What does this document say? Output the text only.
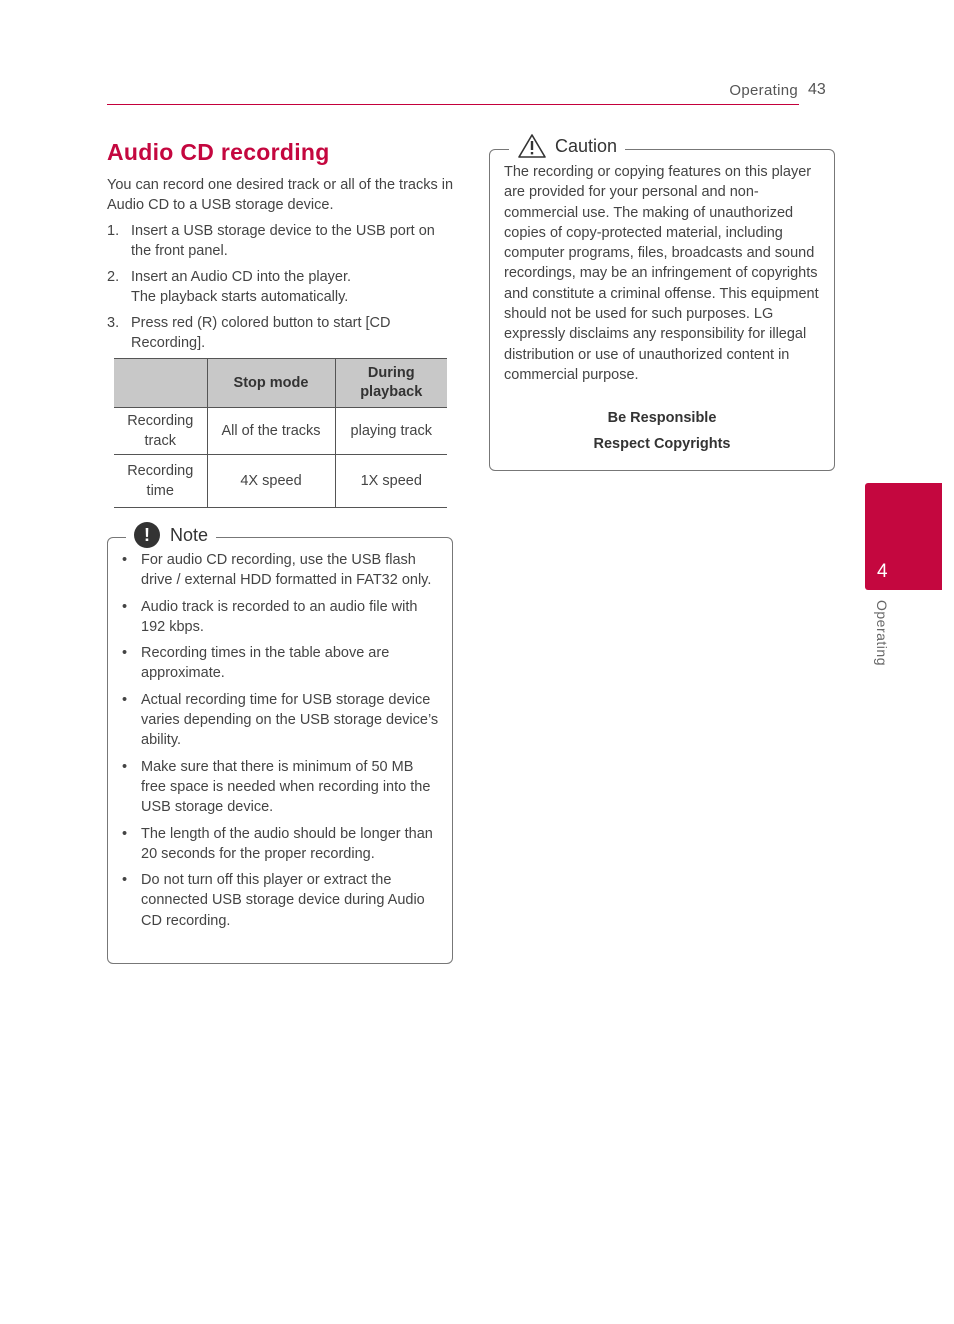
Operating 43
4
Operating
Audio CD recording
You can record one desired track or all of the tracks in Audio CD to a USB storage device.
1. Insert a USB storage device to the USB port on the front panel.
2. Insert an Audio CD into the player.
The playback starts automatically.
3. Press red (R) colored button to start [CD Recording].
	Stop mode	During playback
Recording track	All of the tracks	playing track
Recording time	4X speed	1X speed
!	Note
• For audio CD recording, use the USB flash drive / external HDD formatted in FAT32 only.
• Audio track is recorded to an audio file with 192 kbps.
• Recording times in the table above are approximate.
• Actual recording time for USB storage device varies depending on the USB storage device’s ability.
• Make sure that there is minimum of 50 MB free space is needed when recording into the USB storage device.
• The length of the audio should be longer than 20 seconds for the proper recording.
• Do not turn off this player or extract the connected USB storage device during Audio CD recording.
Caution
The recording or copying features on this player are provided for your personal and non-commercial use. The making of unauthorized copies of copy-protected material, including computer programs, files, broadcasts and sound recordings, may be an infringement of copyrights and constitute a criminal offense. This equipment should not be used for such purposes. LG expressly disclaims any responsibility for illegal distribution or use of unauthorized content in commercial purpose.
Be Responsible
Respect Copyrights
